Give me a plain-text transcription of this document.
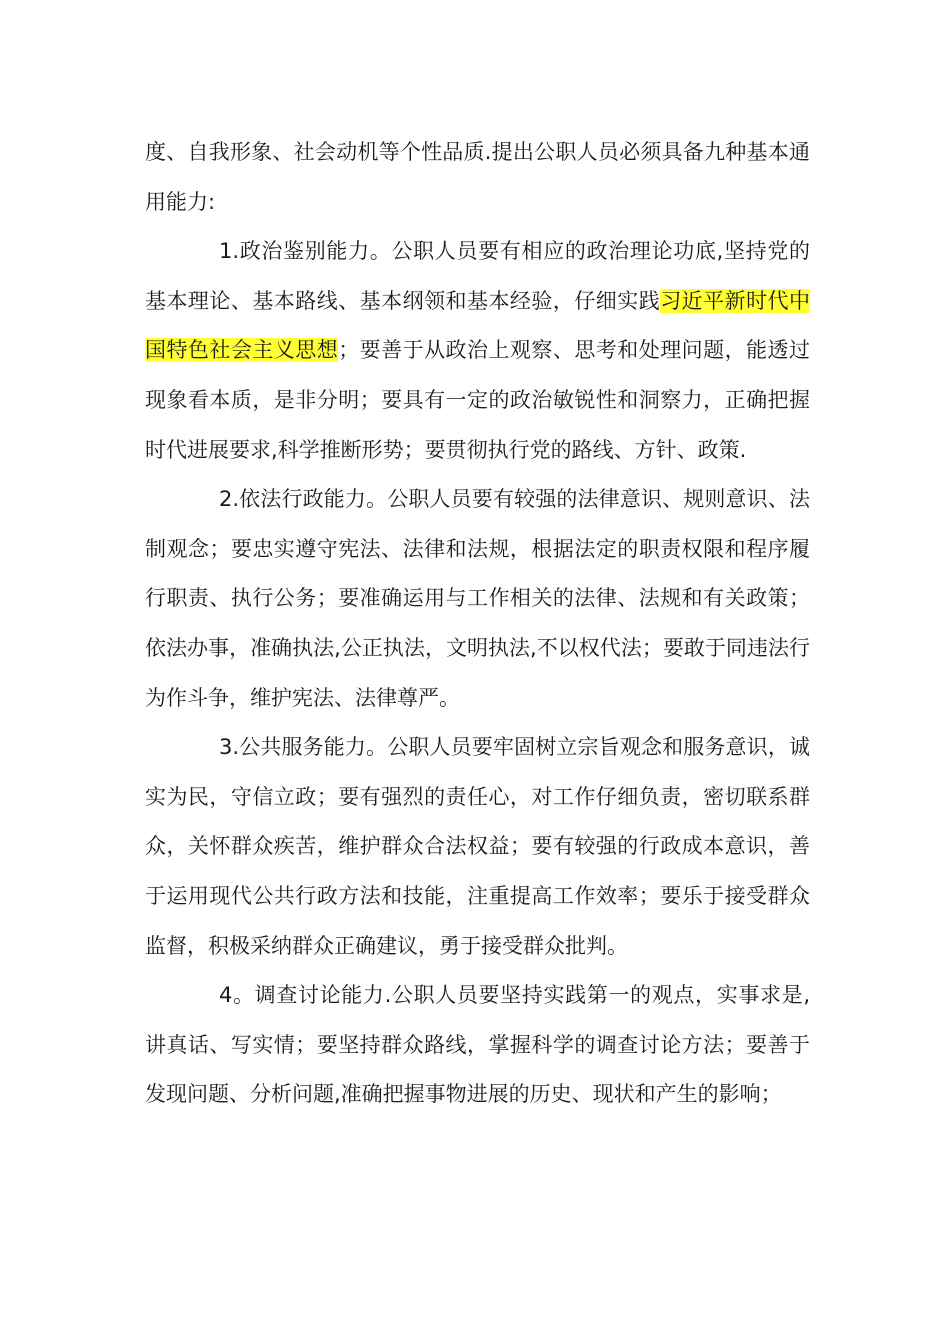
度、自我形象、社会动机等个性品质.提出公职人员必须具备九种基本通用能力:

1.政治鉴别能力。公职人员要有相应的政治理论功底,坚持党的基本理论、基本路线、基本纲领和基本经验，仔细实践习近平新时代中国特色社会主义思想；要善于从政治上观察、思考和处理问题，能透过现象看本质，是非分明；要具有一定的政治敏锐性和洞察力，正确把握时代进展要求,科学推断形势；要贯彻执行党的路线、方针、政策.

2.依法行政能力。公职人员要有较强的法律意识、规则意识、法制观念；要忠实遵守宪法、法律和法规，根据法定的职责权限和程序履行职责、执行公务；要准确运用与工作相关的法律、法规和有关政策；依法办事，准确执法,公正执法，文明执法,不以权代法；要敢于同违法行为作斗争，维护宪法、法律尊严。

3.公共服务能力。公职人员要牢固树立宗旨观念和服务意识，诚实为民，守信立政；要有强烈的责任心，对工作仔细负责，密切联系群众，关怀群众疾苦，维护群众合法权益；要有较强的行政成本意识，善于运用现代公共行政方法和技能，注重提高工作效率；要乐于接受群众监督，积极采纳群众正确建议，勇于接受群众批判。

4。调查讨论能力.公职人员要坚持实践第一的观点，实事求是,讲真话、写实情；要坚持群众路线，掌握科学的调查讨论方法；要善于发现问题、分析问题,准确把握事物进展的历史、现状和产生的影响；
